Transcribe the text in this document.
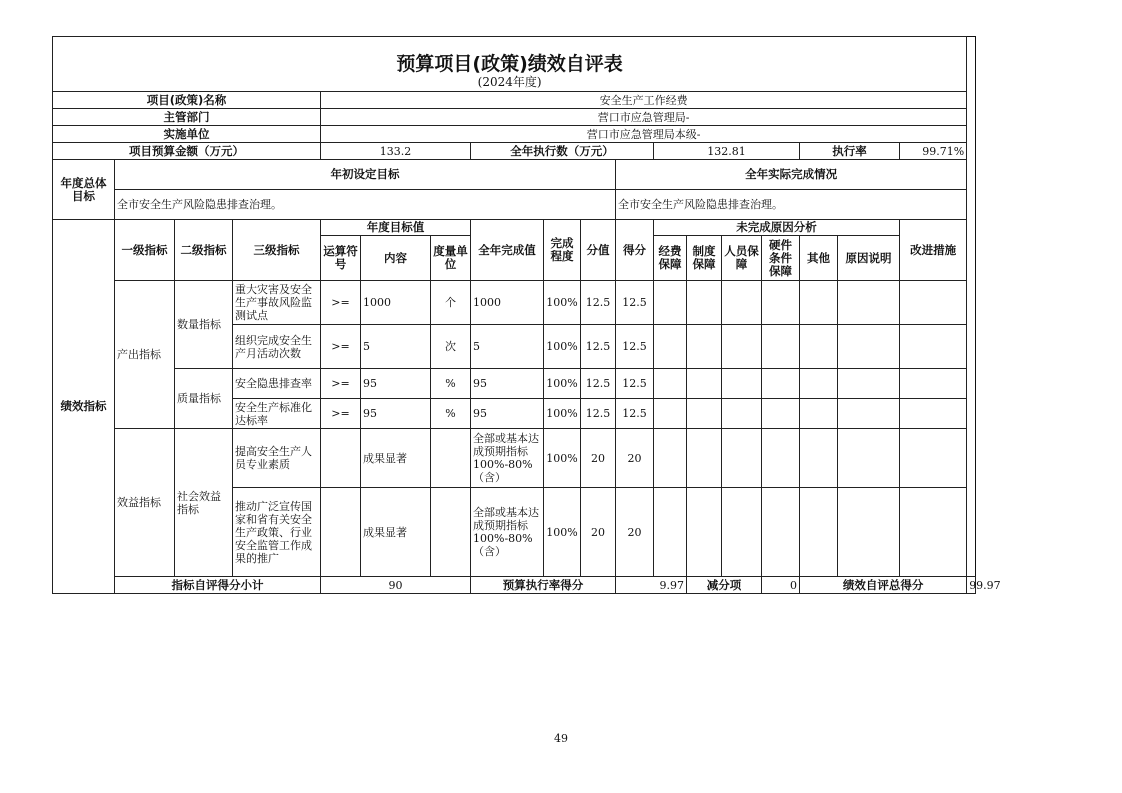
预算项目(政策)绩效自评表																		
(2024年度)																		
项目(政策)名称				安全生产工作经费														
主管部门				营口市应急管理局-														
实施单位				营口市应急管理局本级-														
项目预算金额（万元）				133.2			全年执行数（万元）				132.81				执行率		99.71%	
年度总体目标	年初设定目标									全年实际完成情况								
	全市安全生产风险隐患排查治理。									全市安全生产风险隐患排查治理。								
绩效指标	一级指标	二级指标	三级指标	年度目标值			全年完成值	完成程度	分值	得分	未完成原因分析						改进措施	
				运算符号	内容	度量单位					经费保障	制度保障	人员保障	硬件条件保障	其他	原因说明		
	产出指标	数量指标	重大灾害及安全生产事故风险监测试点	>=	1000	个	1000	100%	12.5	12.5								
			组织完成安全生产月活动次数	>=	5	次	5	100%	12.5	12.5								
		质量指标	安全隐患排查率	>=	95	%	95	100%	12.5	12.5								
			安全生产标准化达标率	>=	95	%	95	100%	12.5	12.5								
	效益指标	社会效益指标	提高安全生产人员专业素质		成果显著		全部或基本达成预期指标100%-80%（含）	100%	20	20								
			推动广泛宣传国家和省有关安全生产政策、行业安全监管工作成果的推广		成果显著		全部或基本达成预期指标100%-80%（含）	100%	20	20								
	指标自评得分小计			90			预算执行率得分			9.97		减分项		0	绩效自评总得分			99.97
49
